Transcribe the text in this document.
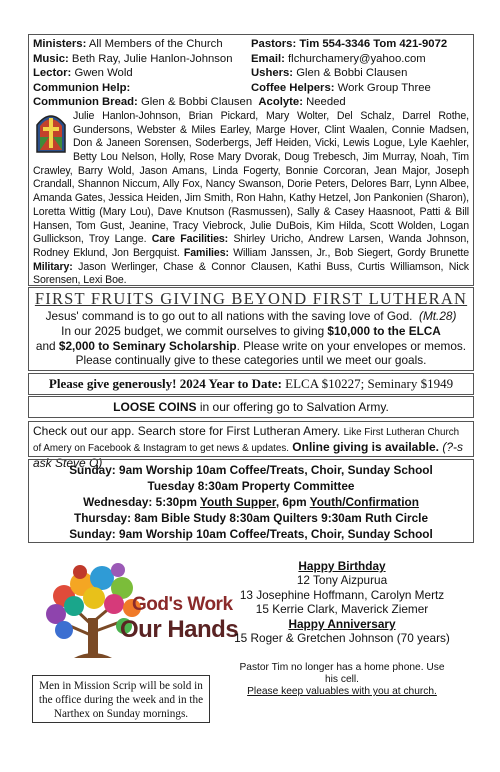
Ministers: All Members of the Church	Pastors: Tim 554-3346 Tom 421-9072
Music: Beth Ray, Julie Hanlon-Johnson	Email: flchurchamery@yahoo.com
Lector: Gwen Wold	Ushers: Glen & Bobbi Clausen
Communion Help:	Coffee Helpers: Work Group Three
Communion Bread: Glen & Bobbi Clausen Acolyte: Needed
Julie Hanlon-Johnson, Brian Pickard, Mary Wolter, Del Schalz, Darrel Rothe, Gundersons, Webster & Miles Earley, Marge Hover, Clint Waalen, Connie Madsen, Don & Janeen Sorensen, Soderbergs, Jeff Heiden, Vicki, Lewis Logue, Lyle Kaehler, Betty Lou Nelson, Holly, Rose Mary Dvorak, Doug Trebesch, Jim Murray, Noah, Tim Crawley, Barry Wold, Jason Amans, Linda Fogerty, Bonnie Corcoran, Jean Major, Joseph Crandall, Shannon Niccum, Ally Fox, Nancy Swanson, Dorie Peters, Delores Barr, Lynn Albee, Amanda Gates, Jessica Heiden, Jim Smith, Ron Hahn, Kathy Hetzel, Jon Pankonien (Sharon), Loretta Wittig (Mary Lou), Dave Knutson (Rasmussen), Sally & Casey Haasnoot, Patti & Bill Hansen, Tom Gust, Jeanine, Tracy Viebrock, Julie DuBois, Kim Hilda, Scott Wolden, Logan Gullickson, Troy Lange. Care Facilities: Shirley Uricho, Andrew Larsen, Wanda Johnson, Rodney Eklund, Jon Bergquist. Families: William Janssen, Jr., Bob Siegert, Gordy Brunette Military: Jason Werlinger, Chase & Connor Clausen, Kathi Buss, Curtis Williamson, Nick Sorensen, Lexi Boe.
FIRST FRUITS GIVING BEYOND FIRST LUTHERAN
Jesus' command is to go out to all nations with the saving love of God. (Mt.28)
In our 2025 budget, we commit ourselves to giving $10,000 to the ELCA
and $2,000 to Seminary Scholarship. Please write on your envelopes or memos.
Please continually give to these categories until we meet our goals.
Please give generously! 2024 Year to Date: ELCA $10227; Seminary $1949
LOOSE COINS in our offering go to Salvation Army.
Check out our app. Search store for First Lutheran Amery. Like First Lutheran Church of Amery on Facebook & Instagram to get news & updates. Online giving is available. (?-s ask Steve O)
Sunday: 9am Worship 10am Coffee/Treats, Choir, Sunday School
Tuesday 8:30am Property Committee
Wednesday: 5:30pm Youth Supper, 6pm Youth/Confirmation
Thursday: 8am Bible Study 8:30am Quilters 9:30am Ruth Circle
Sunday: 9am Worship 10am Coffee/Treats, Choir, Sunday School
God's Work
Our Hands
Happy Birthday
12 Tony Aizpurua
13 Josephine Hoffmann, Carolyn Mertz
15 Kerrie Clark, Maverick Ziemer
Happy Anniversary
15 Roger & Gretchen Johnson (70 years)
Pastor Tim no longer has a home phone. Use his cell.
Please keep valuables with you at church.
Men in Mission Scrip will be sold in the office during the week and in the Narthex on Sunday mornings.
